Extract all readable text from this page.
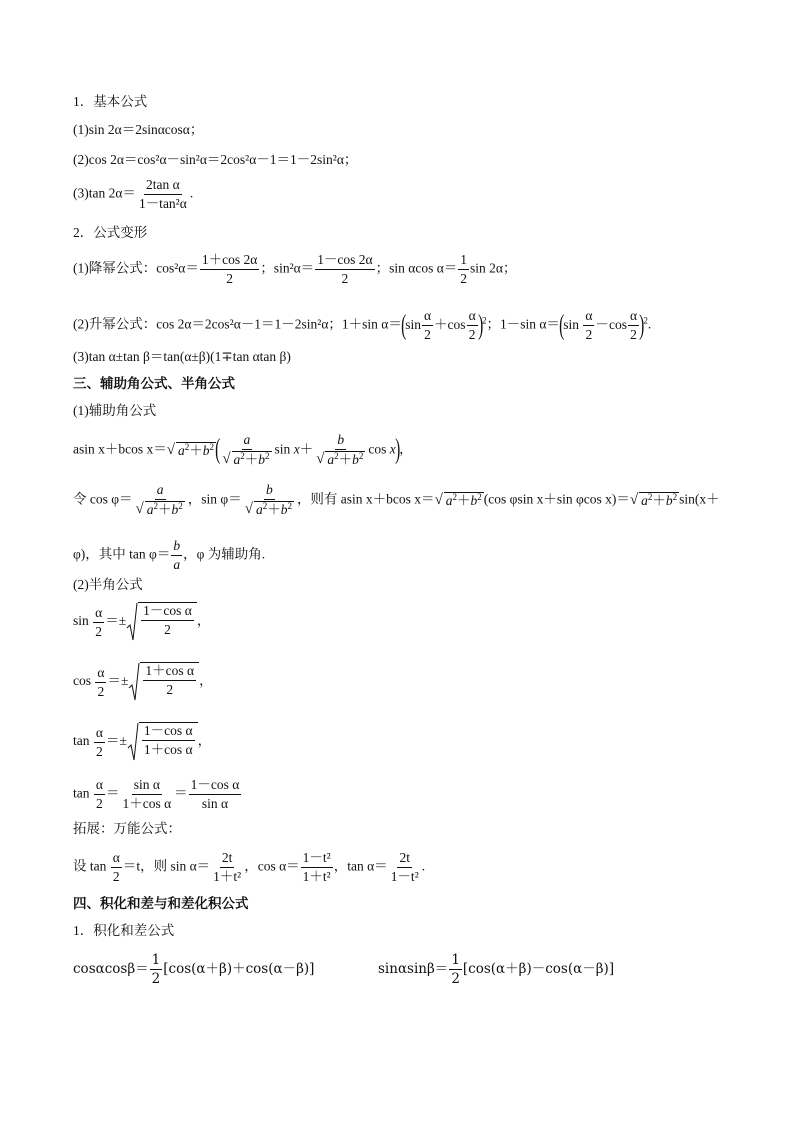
1．基本公式
(1)sin 2α＝2sinαcosα；
(2)cos 2α＝cos²α－sin²α＝2cos²α－1＝1－2sin²α；
(3)tan $2\alpha= \frac{\text{2tan α}}{\text{1－tan²α}}$ .
2．公式变形
(1)降幂公式：$\cos^2\alpha= \frac{1+\cos 2\alpha}{2}$ ；$\sin^2\alpha= \frac{1-\cos 2\alpha}{2}$ ；sin αcos $\alpha= \frac{1}{2}$ sin 2α；
(2)升幂公式：cos 2α＝2cos²α－1＝1－2sin²α；1＋sin $\alpha=(\sin \frac{\alpha}{2} +\cos \frac{\alpha}{2} )^2$；1－sin $\alpha=(\sin \frac{\alpha}{2} -\cos \frac{\alpha}{2} )^2$.
(3)tan α±tan β＝tan(α±β)(1∓tan αtan β)
三、辅助角公式、半角公式
(1)辅助角公式
asin x＋bcos x＝ √ $a^2+b^2$ ( $\frac{a}{√ a^2+b^2}$ $\sin x+ \frac{b}{√ a^2+b^2}$ cos x)，
令 $\cos \varphi= \frac{a}{√ a^2+b^2}$ ，$\sin \varphi= \frac{b}{√ a^2+b^2}$ ，则有 asin x＋bcos x＝ √ $a^2+b^2$ (cos φsin x＋sin φcos x)＝ √ $a^2+b^2$ sin(x＋
φ)，其中 $\tan \varphi= \frac{b}{a}$ ，φ 为辅助角.
(2)半角公式
$\sin \frac{\alpha}{2} =\pm \frac{\text{1－cos α}}{2}$ ，
$\cos \frac{\alpha}{2} =\pm \frac{\text{1＋cos α}}{2}$ ，
$\tan \frac{\alpha}{2} =\pm \frac{\text{1－cos α}}{\text{1＋cos α}}$ ，
$\tan \frac{\alpha}{2} = \frac{\text{sin α}}{\text{1＋cos α}} = \frac{\text{1－cos α}}{\text{sin α}}$
拓展：万能公式：
设 $\tan \frac{\alpha}{2} =t$，则 $\sin \alpha= \frac{2t}{\text{1＋t²}}$ ，$\cos \alpha= \frac{\text{1－t²}}{\text{1＋t²}}$ ，$\tan \alpha= \frac{2t}{\text{1－t²}}$ .
四、积化和差与和差化积公式
1．积化和差公式
$\cos\alpha\cos\beta= \frac{1}{2} [\cos(\alpha+\beta)+\cos(\alpha-\beta)]$	$\sin\alpha\sin\beta= \frac{1}{2} [\cos(\alpha+\beta)-\cos(\alpha-\beta)]$
